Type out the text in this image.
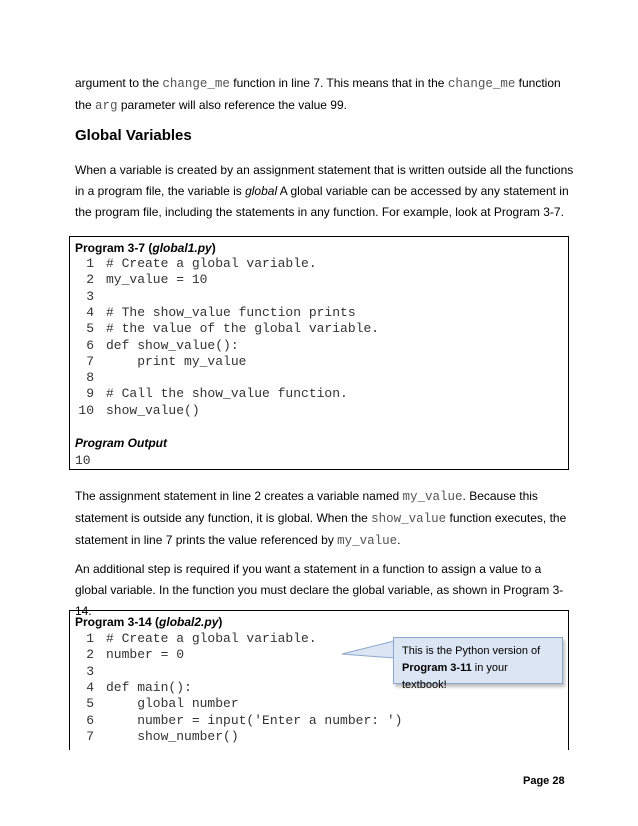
argument to the change_me function in line 7. This means that in the change_me function
the arg parameter will also reference the value 99.

Global Variables

When a variable is created by an assignment statement that is written outside all the functions in a program file, the variable is global A global variable can be accessed by any statement in the program file, including the statements in any function. For example, look at Program 3-7.

Program 3-7 (global1.py)
1 # Create a global variable.
2 my_value = 10
3
4 # The show_value function prints
5 # the value of the global variable.
6 def show_value():
7 print my_value
8
9 # Call the show_value function.
10 show_value()
Program Output
10

The assignment statement in line 2 creates a variable named my_value. Because this statement is outside any function, it is global. When the show_value function executes, the statement in line 7 prints the value referenced by my_value.

An additional step is required if you want a statement in a function to assign a value to a global variable. In the function you must declare the global variable, as shown in Program 3-14.

Program 3-14 (global2.py)
1 # Create a global variable.
2 number = 0
3
4 def main():
5 global number
6 number = input('Enter a number: ')
7 show_number()
This is the Python version of
Program 3-11 in your textbook!
Page 28
